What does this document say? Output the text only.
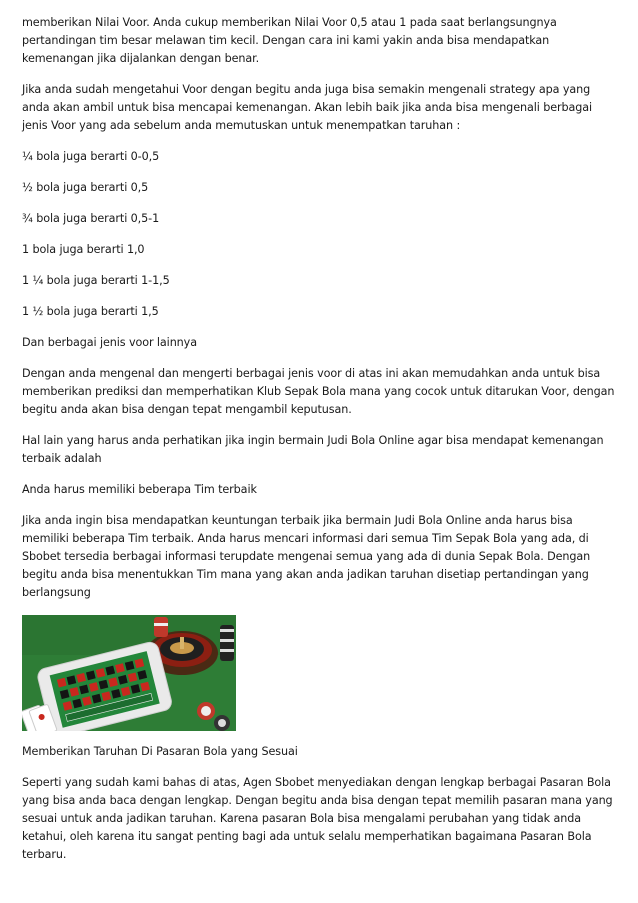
memberikan Nilai Voor. Anda cukup memberikan Nilai Voor 0,5 atau 1 pada saat berlangsungnya pertandingan tim besar melawan tim kecil. Dengan cara ini kami yakin anda bisa mendapatkan kemenangan jika dijalankan dengan benar.

Jika anda sudah mengetahui Voor dengan begitu anda juga bisa semakin mengenali strategy apa yang anda akan ambil untuk bisa mencapai kemenangan. Akan lebih baik jika anda bisa mengenali berbagai jenis Voor yang ada sebelum anda memutuskan untuk menempatkan taruhan :

¼ bola juga berarti 0-0,5

½ bola juga berarti 0,5

¾ bola juga berarti 0,5-1

1 bola juga berarti 1,0

1 ¼ bola juga berarti 1-1,5

1 ½ bola juga berarti 1,5

Dan berbagai jenis voor lainnya

Dengan anda mengenal dan mengerti berbagai jenis voor di atas ini akan memudahkan anda untuk bisa memberikan prediksi dan memperhatikan Klub Sepak Bola mana yang cocok untuk ditarukan Voor, dengan begitu anda akan bisa dengan tepat mengambil keputusan.

Hal lain yang harus anda perhatikan jika ingin bermain Judi Bola Online agar bisa mendapat kemenangan terbaik adalah

Anda harus memiliki beberapa Tim terbaik

Jika anda ingin bisa mendapatkan keuntungan terbaik jika bermain Judi Bola Online anda harus bisa memiliki beberapa Tim terbaik. Anda harus mencari informasi dari semua Tim Sepak Bola yang ada, di Sbobet tersedia berbagai informasi terupdate mengenai semua yang ada di dunia Sepak Bola. Dengan begitu anda bisa menentukkan Tim mana yang akan anda jadikan taruhan disetiap pertandingan yang berlangsung

Memberikan Taruhan Di Pasaran Bola yang Sesuai

Seperti yang sudah kami bahas di atas, Agen Sbobet menyediakan dengan lengkap berbagai Pasaran Bola yang bisa anda baca dengan lengkap. Dengan begitu anda bisa dengan tepat memilih pasaran mana yang sesuai untuk anda jadikan taruhan. Karena pasaran Bola bisa mengalami perubahan yang tidak anda ketahui, oleh karena itu sangat penting bagi ada untuk selalu memperhatikan bagaimana Pasaran Bola terbaru.
